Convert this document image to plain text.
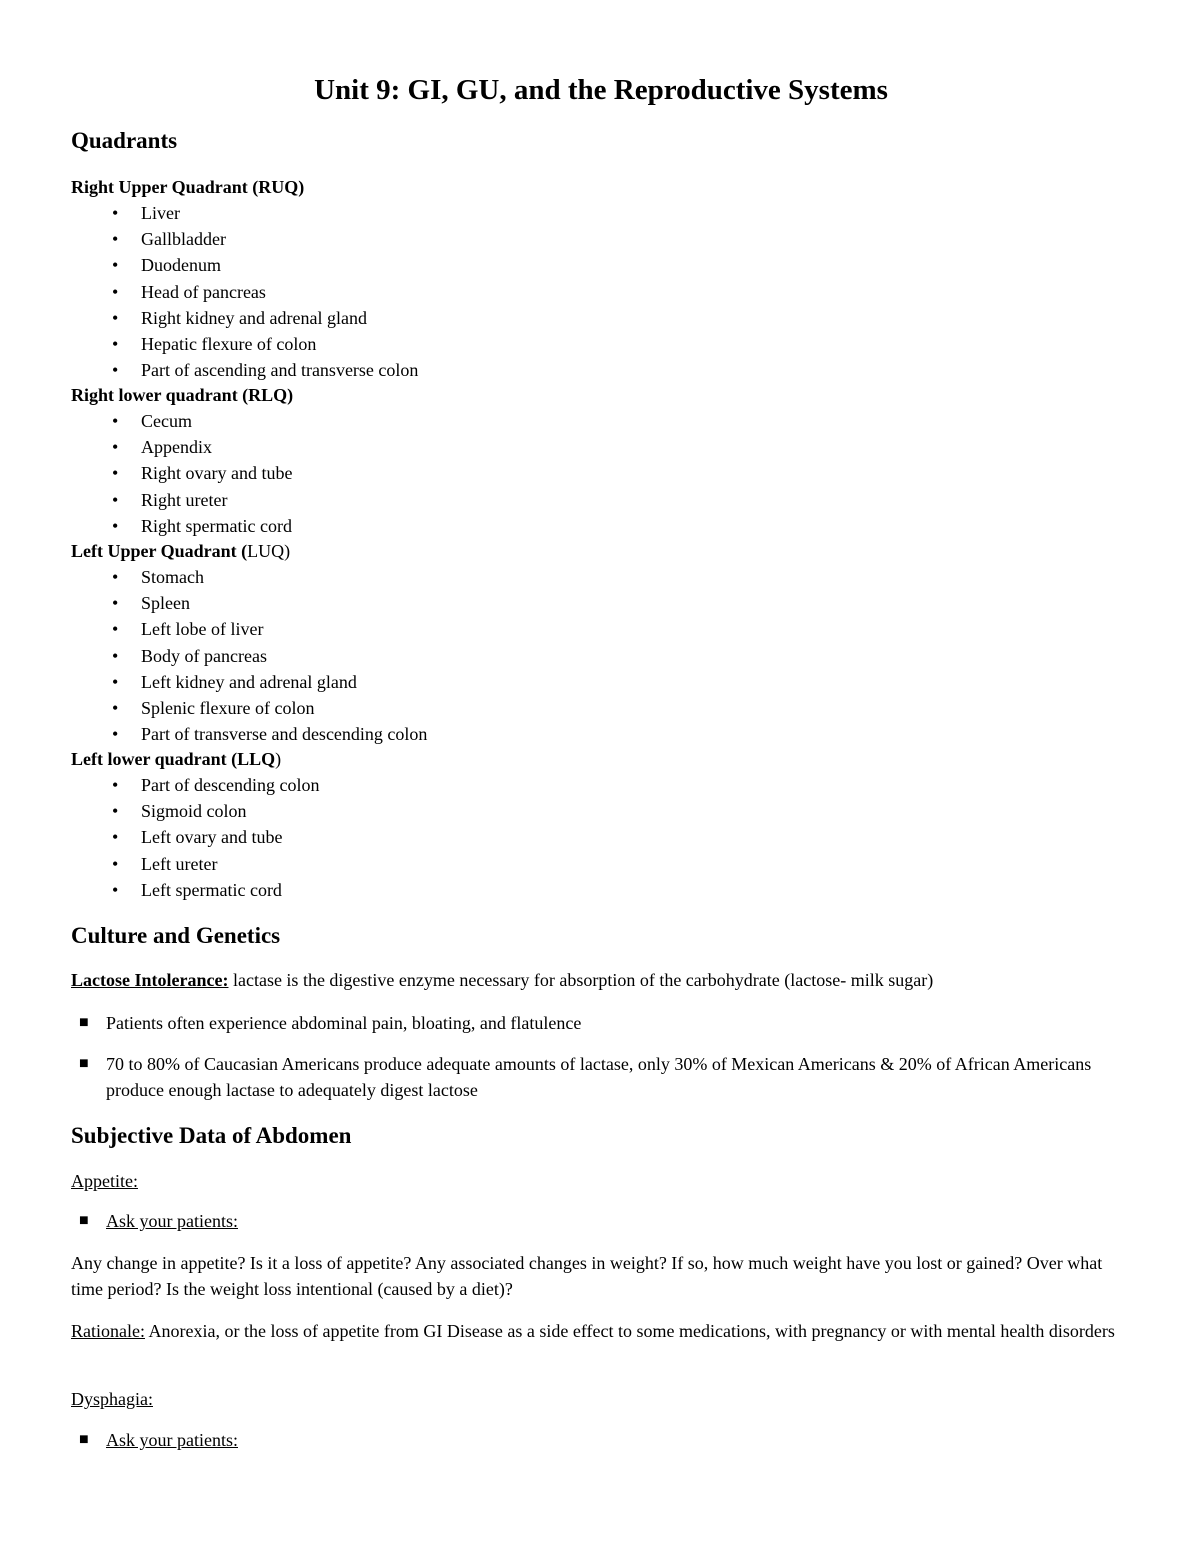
Unit 9: GI, GU, and the Reproductive Systems
Quadrants
Right Upper Quadrant (RUQ)
• Liver
• Gallbladder
• Duodenum
• Head of pancreas
• Right kidney and adrenal gland
• Hepatic flexure of colon
• Part of ascending and transverse colon
Right lower quadrant (RLQ)
• Cecum
• Appendix
• Right ovary and tube
• Right ureter
• Right spermatic cord
Left Upper Quadrant (LUQ)
• Stomach
• Spleen
• Left lobe of liver
• Body of pancreas
• Left kidney and adrenal gland
• Splenic flexure of colon
• Part of transverse and descending colon
Left lower quadrant (LLQ)
• Part of descending colon
• Sigmoid colon
• Left ovary and tube
• Left ureter
• Left spermatic cord
Culture and Genetics
Lactose Intolerance: lactase is the digestive enzyme necessary for absorption of the carbohydrate (lactose- milk sugar)
■ Patients often experience abdominal pain, bloating, and flatulence
■ 70 to 80% of Caucasian Americans produce adequate amounts of lactase, only 30% of Mexican Americans & 20% of African Americans produce enough lactase to adequately digest lactose
Subjective Data of Abdomen
Appetite:
■ Ask your patients:
Any change in appetite? Is it a loss of appetite? Any associated changes in weight? If so, how much weight have you lost or gained? Over what time period? Is the weight loss intentional (caused by a diet)?
Rationale: Anorexia, or the loss of appetite from GI Disease as a side effect to some medications, with pregnancy or with mental health disorders
Dysphagia:
■ Ask your patients:
